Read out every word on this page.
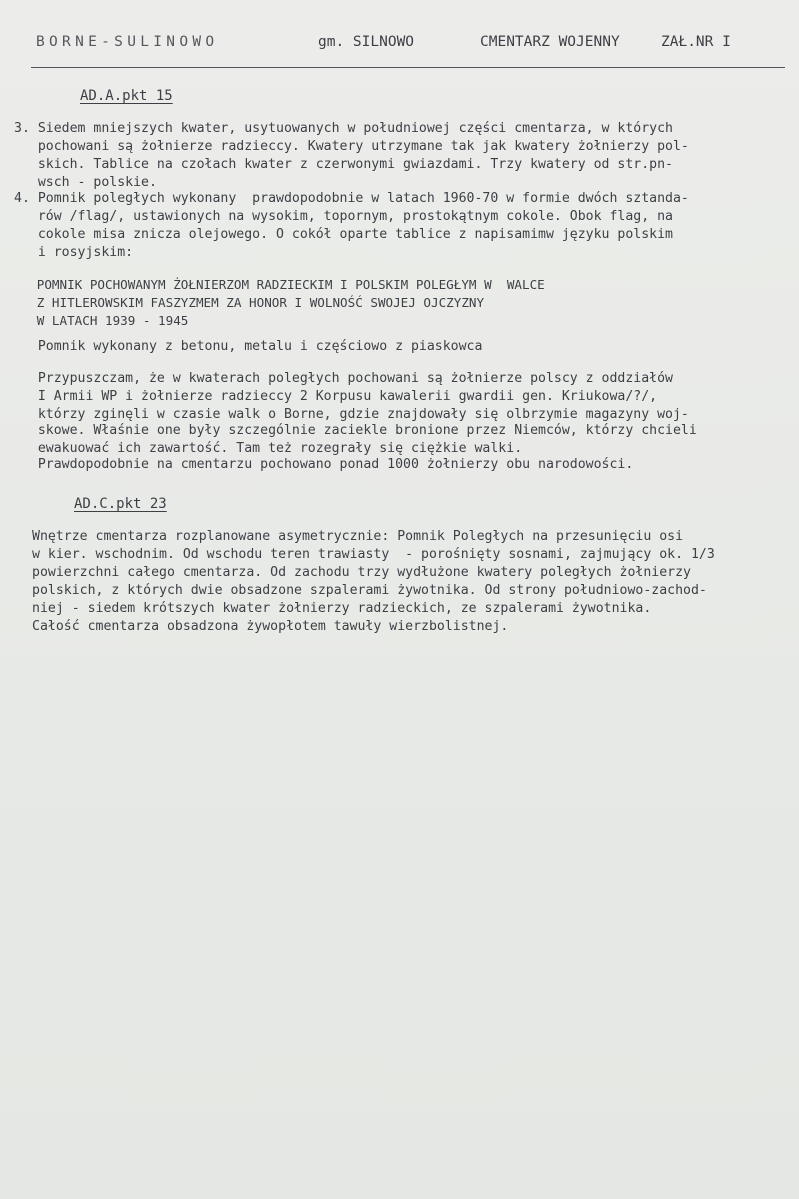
BORNE-SULINOWO	gm. SILNOWO	CMENTARZ WOJENNY	ZAŁ.NR I
AD.A.pkt 15
3. Siedem mniejszych kwater, usytuowanych w południowej części cmentarza, w których
pochowani są żołnierze radzieccy. Kwatery utrzymane tak jak kwatery żołnierzy pol-
skich. Tablice na czołach kwater z czerwonymi gwiazdami. Trzy kwatery od str.pn-
wsch - polskie.
4. Pomnik poległych wykonany  prawdopodobnie w latach 1960-70 w formie dwóch sztanda-
rów /flag/, ustawionych na wysokim, topornym, prostokątnym cokole. Obok flag, na
cokole misa znicza olejowego. O cokół oparte tablice z napisamimw języku polskim
i rosyjskim:
POMNIK POCHOWANYM ŻOŁNIERZOM RADZIECKIM I POLSKIM POLEGŁYM W  WALCE
Z HITLEROWSKIM FASZYZMEM ZA HONOR I WOLNOŚĆ SWOJEJ OJCZYZNY
W LATACH 1939 - 1945
Pomnik wykonany z betonu, metalu i częściowo z piaskowca
Przypuszczam, że w kwaterach poległych pochowani są żołnierze polscy z oddziałów
I Armii WP i żołnierze radzieccy 2 Korpusu kawalerii gwardii gen. Kriukowa/?/,
którzy zginęli w czasie walk o Borne, gdzie znajdowały się olbrzymie magazyny woj-
skowe. Właśnie one były szczególnie zaciekle bronione przez Niemców, którzy chcieli
ewakuować ich zawartość. Tam też rozegrały się ciężkie walki.
Prawdopodobnie na cmentarzu pochowano ponad 1000 żołnierzy obu narodowości.
AD.C.pkt 23
Wnętrze cmentarza rozplanowane asymetrycznie: Pomnik Poległych na przesunięciu osi
w kier. wschodnim. Od wschodu teren trawiasty  - porośnięty sosnami, zajmujący ok. 1/3
powierzchni całego cmentarza. Od zachodu trzy wydłużone kwatery poległych żołnierzy
polskich, z których dwie obsadzone szpalerami żywotnika. Od strony południowo-zachod-
niej - siedem krótszych kwater żołnierzy radzieckich, ze szpalerami żywotnika.
Całość cmentarza obsadzona żywopłotem tawuły wierzbolistnej.
